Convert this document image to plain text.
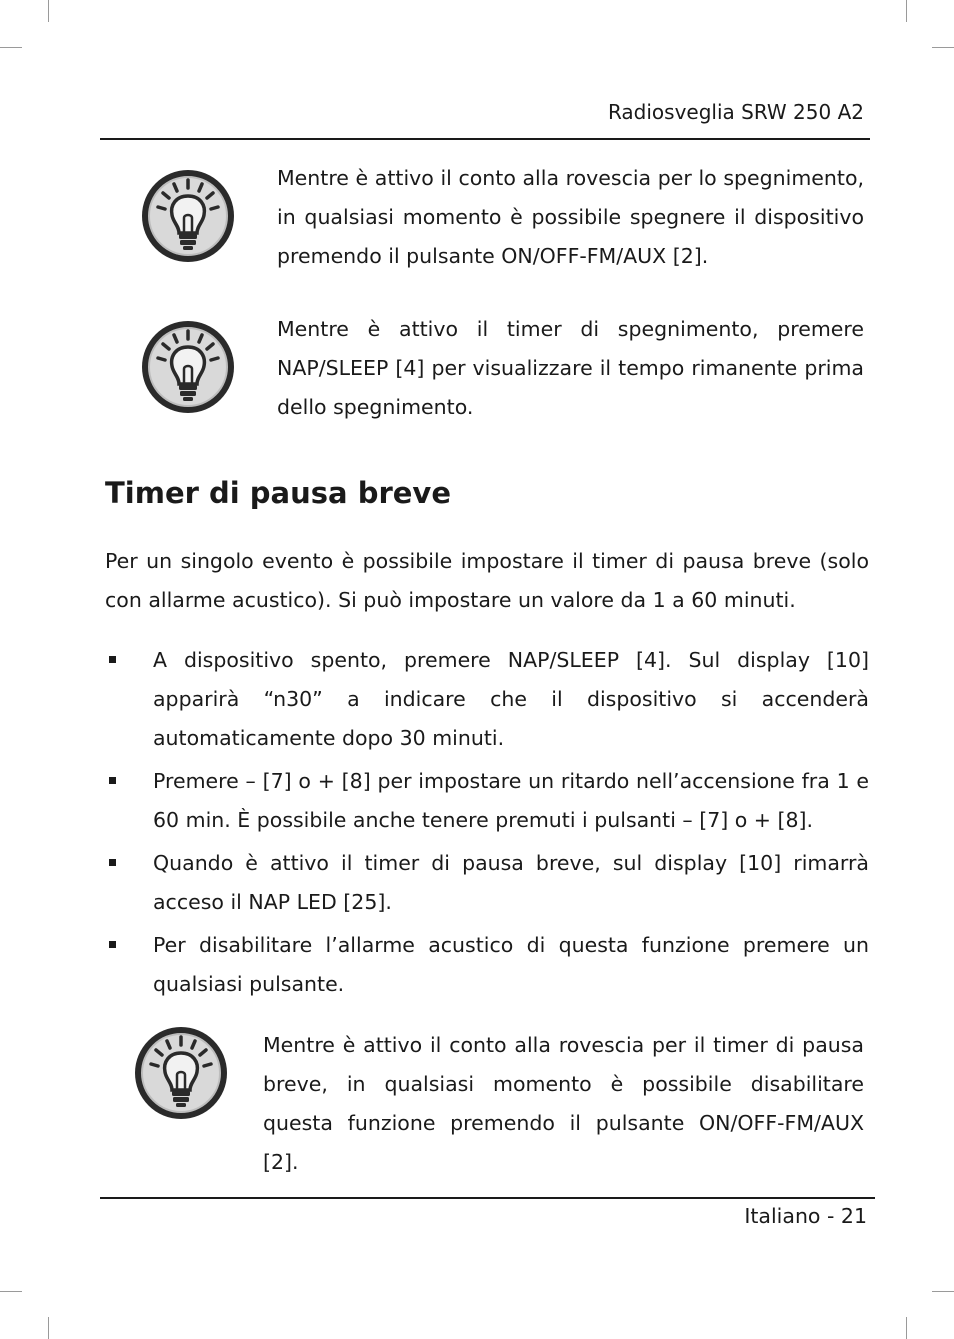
Radiosveglia SRW 250 A2

Mentre è attivo il conto alla rovescia per lo spegnimento, in qualsiasi momento è possibile spegnere il dispositivo premendo il pulsante ON/OFF-FM/AUX [2].

Mentre è attivo il timer di spegnimento, premere NAP/SLEEP [4] per visualizzare il tempo rimanente prima dello spegnimento.

Timer di pausa breve

Per un singolo evento è possibile impostare il timer di pausa breve (solo con allarme acustico). Si può impostare un valore da 1 a 60 minuti.

A dispositivo spento, premere NAP/SLEEP [4]. Sul display [10] apparirà “n30” a indicare che il dispositivo si accenderà automaticamente dopo 30 minuti.
Premere – [7] o + [8] per impostare un ritardo nell’accensione fra 1 e 60 min. È possibile anche tenere premuti i pulsanti – [7] o + [8].
Quando è attivo il timer di pausa breve, sul display [10] rimarrà acceso il NAP LED [25].
Per disabilitare l’allarme acustico di questa funzione premere un qualsiasi pulsante.

Mentre è attivo il conto alla rovescia per il timer di pausa breve, in qualsiasi momento è possibile disabilitare questa funzione premendo il pulsante ON/OFF-FM/AUX [2].

Italiano - 21
